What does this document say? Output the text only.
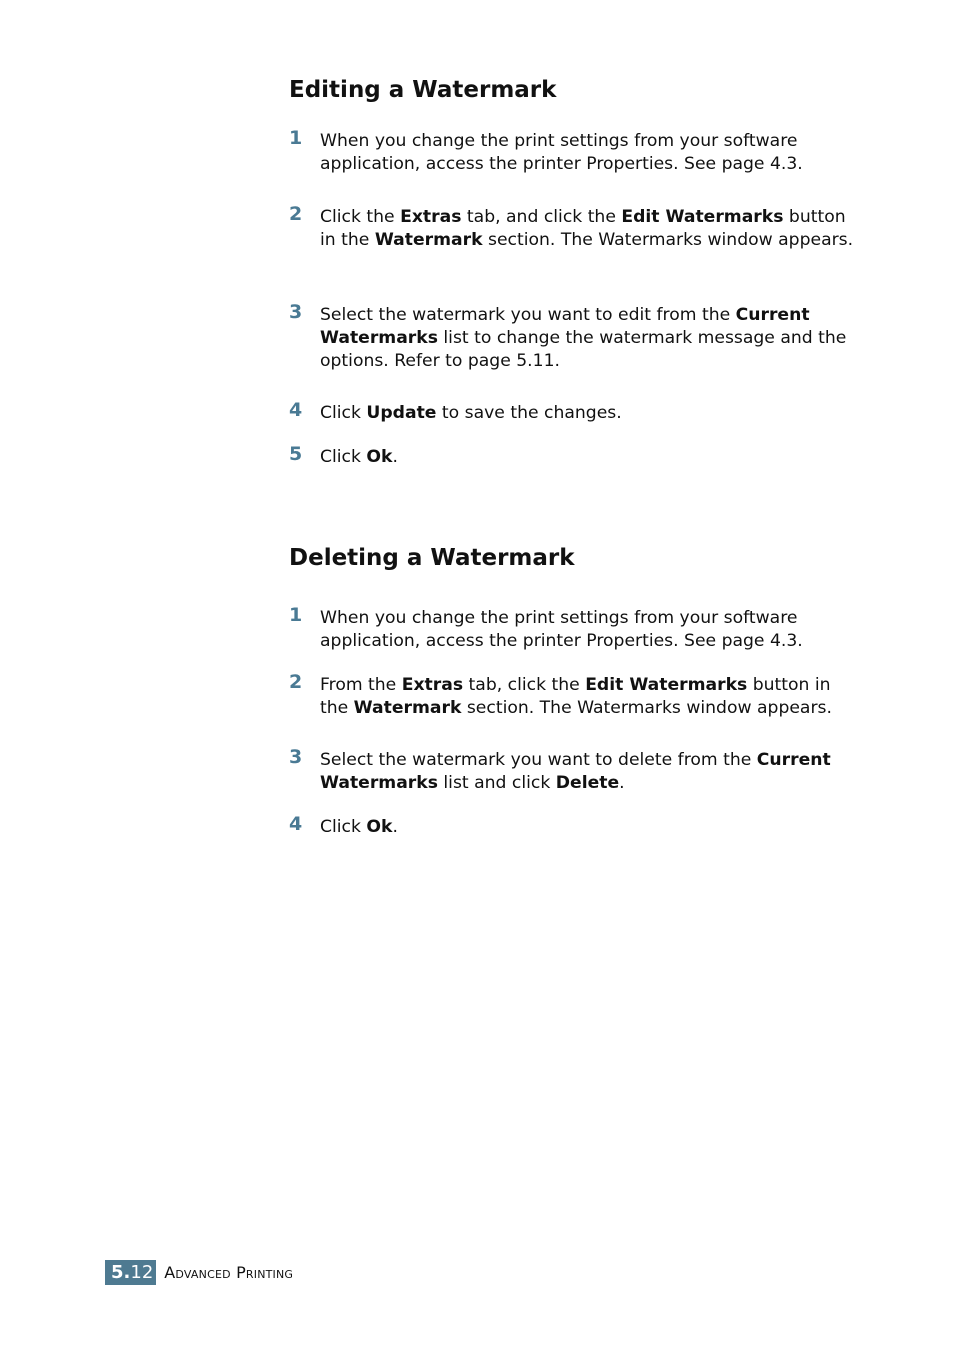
Editing a Watermark
1 When you change the print settings from your software application, access the printer Properties. See page 4.3.
2 Click the Extras tab, and click the Edit Watermarks button in the Watermark section. The Watermarks window appears.
3 Select the watermark you want to edit from the Current Watermarks list to change the watermark message and the options. Refer to page 5.11.
4 Click Update to save the changes.
5 Click Ok.
Deleting a Watermark
1 When you change the print settings from your software application, access the printer Properties. See page 4.3.
2 From the Extras tab, click the Edit Watermarks button in the Watermark section. The Watermarks window appears.
3 Select the watermark you want to delete from the Current Watermarks list and click Delete.
4 Click Ok.
5. 12 Advanced Printing
